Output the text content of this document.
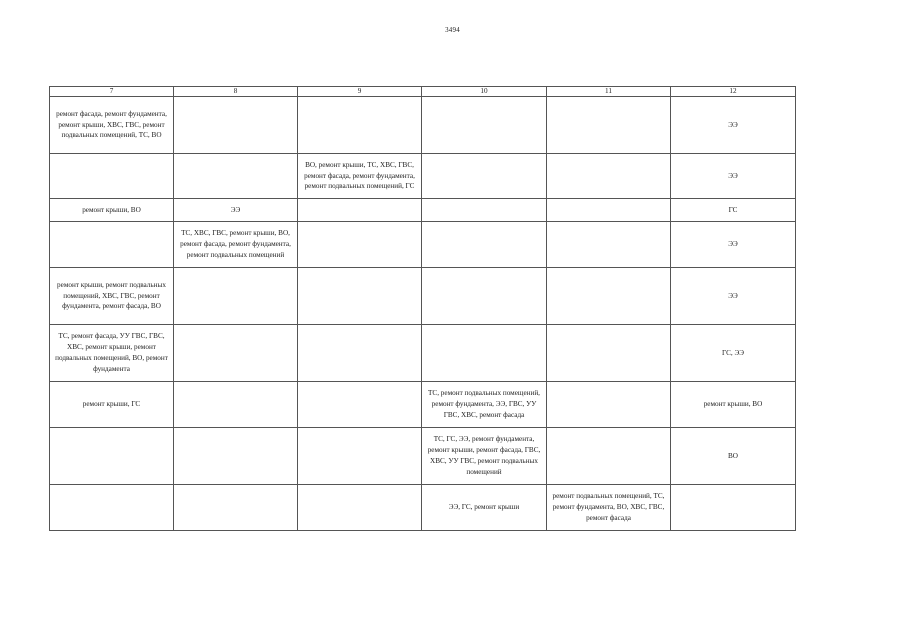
3494
7	8	9	10	11	12
ремонт фасада, ремонт фундамента, ремонт крыши, ХВС, ГВС, ремонт подвальных помещений, ТС, ВО					ЭЭ
		ВО, ремонт крыши, ТС, ХВС, ГВС, ремонт фасада, ремонт фундамента, ремонт подвальных помещений, ГС			ЭЭ
ремонт крыши, ВО	ЭЭ				ГС
	ТС, ХВС, ГВС, ремонт крыши, ВО, ремонт фасада, ремонт фундамента, ремонт подвальных помещений				ЭЭ
ремонт крыши, ремонт подвальных помещений, ХВС, ГВС, ремонт фундамента, ремонт фасада, ВО					ЭЭ
ТС, ремонт фасада, УУ ГВС, ГВС, ХВС, ремонт крыши, ремонт подвальных помещений, ВО, ремонт фундамента					ГС, ЭЭ
ремонт крыши, ГС			ТС, ремонт подвальных помещений, ремонт фундамента, ЭЭ, ГВС, УУ ГВС, ХВС, ремонт фасада		ремонт крыши, ВО
			ТС, ГС, ЭЭ, ремонт фундамента, ремонт крыши, ремонт фасада, ГВС, ХВС, УУ ГВС, ремонт подвальных помещений		ВО
			ЭЭ, ГС, ремонт крыши	ремонт подвальных помещений, ТС, ремонт фундамента, ВО, ХВС, ГВС, ремонт фасада	
